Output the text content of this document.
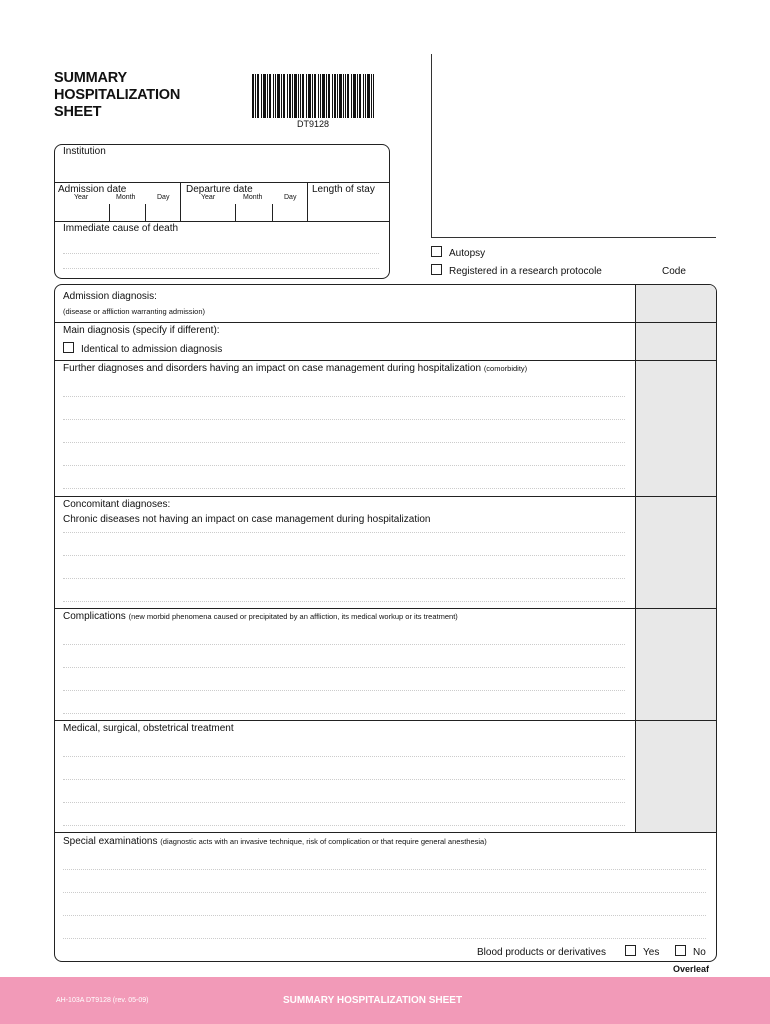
SUMMARY
HOSPITALIZATION
SHEET
DT9128
Institution
Admission date
Year	Month	Day
Departure date
Year	Month	Day
Length of stay
Immediate cause of death
Autopsy
Registered in a research protocole	Code
Admission diagnosis:
(disease or affliction warranting admission)
Main diagnosis (specify if different):
Identical to admission diagnosis
Further diagnoses and disorders having an impact on case management during hospitalization (comorbidity)
Concomitant diagnoses:
Chronic diseases not having an impact on case management during hospitalization
Complications (new morbid phenomena caused or precipitated by an affliction, its medical workup or its treatment)
Medical, surgical, obstetrical treatment
Special examinations (diagnostic acts with an invasive technique, risk of complication or that require general anesthesia)
Blood products or derivatives	Yes	No
Overleaf
AH-103A DT9128 (rev. 05-09)	SUMMARY HOSPITALIZATION SHEET
